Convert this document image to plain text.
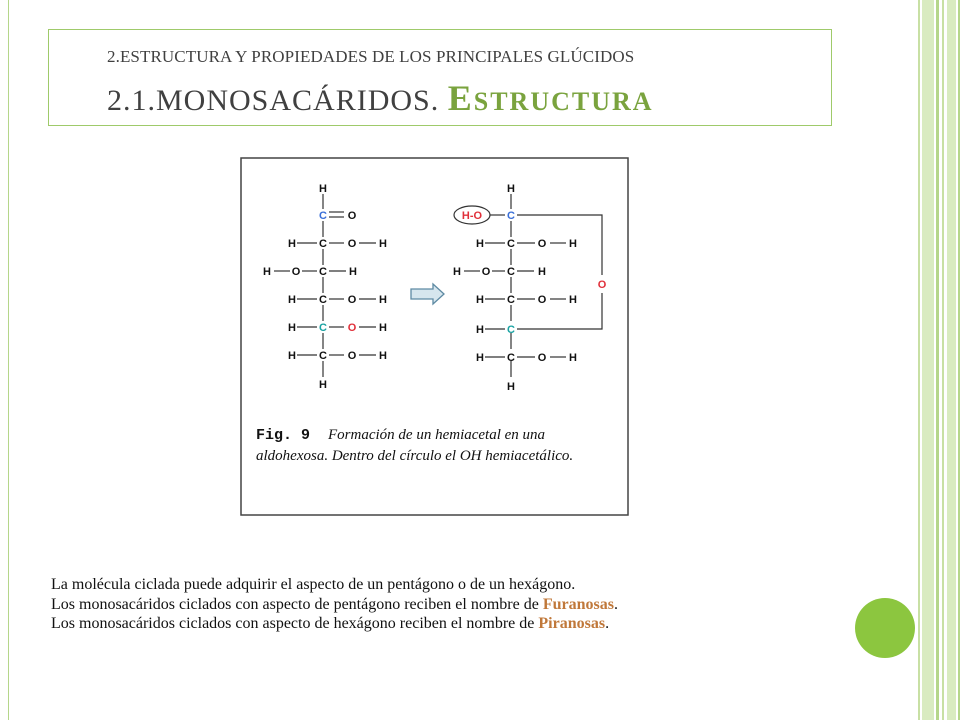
2.ESTRUCTURA Y PROPIEDADES DE LOS PRINCIPALES GLÚCIDOS
2.1.MONOSACÁRIDOS. ESTRUCTURA
H
C O
H C O H
H O C H
H C O H
H C O H
H C O H
H
H
H-O C
H C O H
H O C H
O
H C O H
H C
H C O H
H
Fig. 9 Formación de un hemiacetal en una aldohexosa. Dentro del círculo el OH hemiacetálico.
La molécula ciclada puede adquirir el aspecto de un pentágono o de un hexágono.
Los monosacáridos ciclados con aspecto de pentágono reciben el nombre de Furanosas.
Los monosacáridos ciclados con aspecto de hexágono reciben el nombre de Piranosas.
